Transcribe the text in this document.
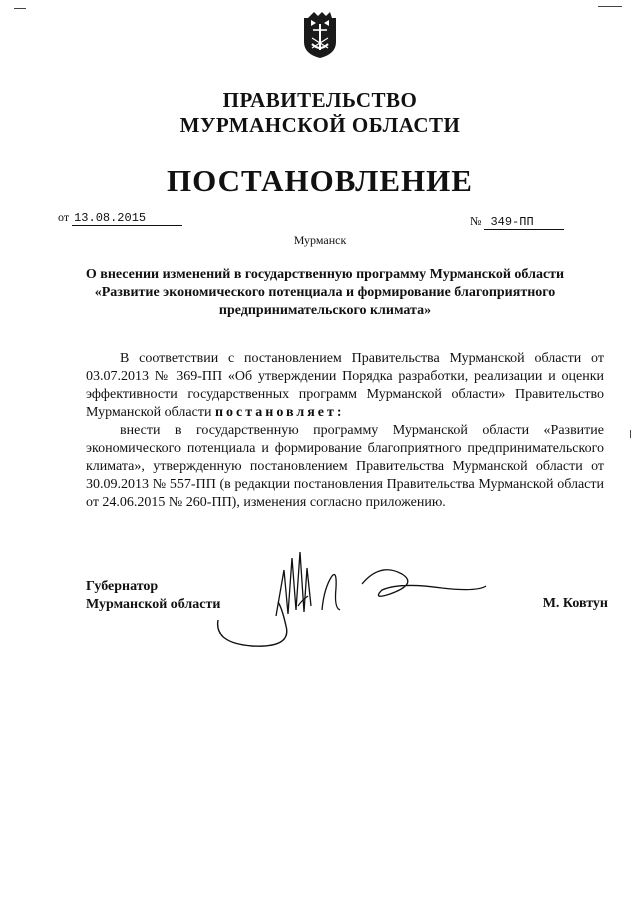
ПРАВИТЕЛЬСТВО
МУРМАНСКОЙ ОБЛАСТИ
ПОСТАНОВЛЕНИЕ
от 13.08.2015	№ 349-ПП
Мурманск
О внесении изменений в государственную программу Мурманской области
«Развитие экономического потенциала и формирование благоприятного
предпринимательского климата»

В соответствии с постановлением Правительства Мурманской области от 03.07.2013 № 369-ПП «Об утверждении Порядка разработки, реализации и оценки эффективности государственных программ Мурманской области» Правительство Мурманской области постановляет:

внести в государственную программу Мурманской области «Развитие экономического потенциала и формирование благоприятного предпринимательского климата», утвержденную постановлением Правительства Мурманской области от 30.09.2013 № 557-ПП (в редакции постановления Правительства Мурманской области от 24.06.2015 № 260-ПП), изменения согласно приложению.

Губернатор
Мурманской области	М. Ковтун
